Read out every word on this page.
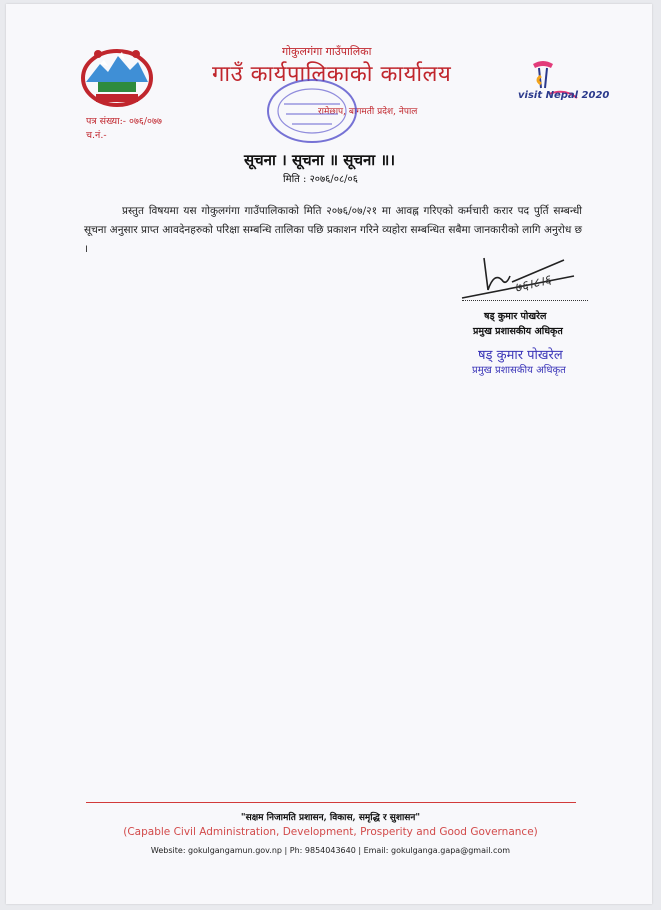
visit Nepal 2020
गोकुलगंगा गाउँपालिका
गाउँ कार्यपालिकाको कार्यालय
रामेछाप, बागमती प्रदेश, नेपाल
पत्र संख्या:- ०७६/०७७
च.नं.-
सूचना । सूचना ॥ सूचना ॥।
मिति : २०७६/०८/०६
प्रस्तुत विषयमा यस गोकुलगंगा गाउँपालिकाको मिति २०७६/०७/२१ मा आवह्न गरिएको कर्मचारी करार पद पुर्ति सम्बन्धी सूचना अनुसार प्राप्त आवदेनहरुको परिक्षा सम्बन्धि तालिका पछि प्रकाशन गरिने व्यहोरा सम्बन्धित सबैमा जानकारीको लागि अनुरोध छ ।
७६।८।६
षड् कुमार पोखरेल
प्रमुख प्रशासकीय अधिकृत
षड् कुमार पोखरेल
प्रमुख प्रशासकीय अधिकृत
"सक्षम निजामति प्रशासन, विकास, समृद्धि र सुशासन"
(Capable Civil Administration, Development, Prosperity and Good Governance)
Website: gokulgangamun.gov.np | Ph: 9854043640 | Email: gokulganga.gapa@gmail.com
